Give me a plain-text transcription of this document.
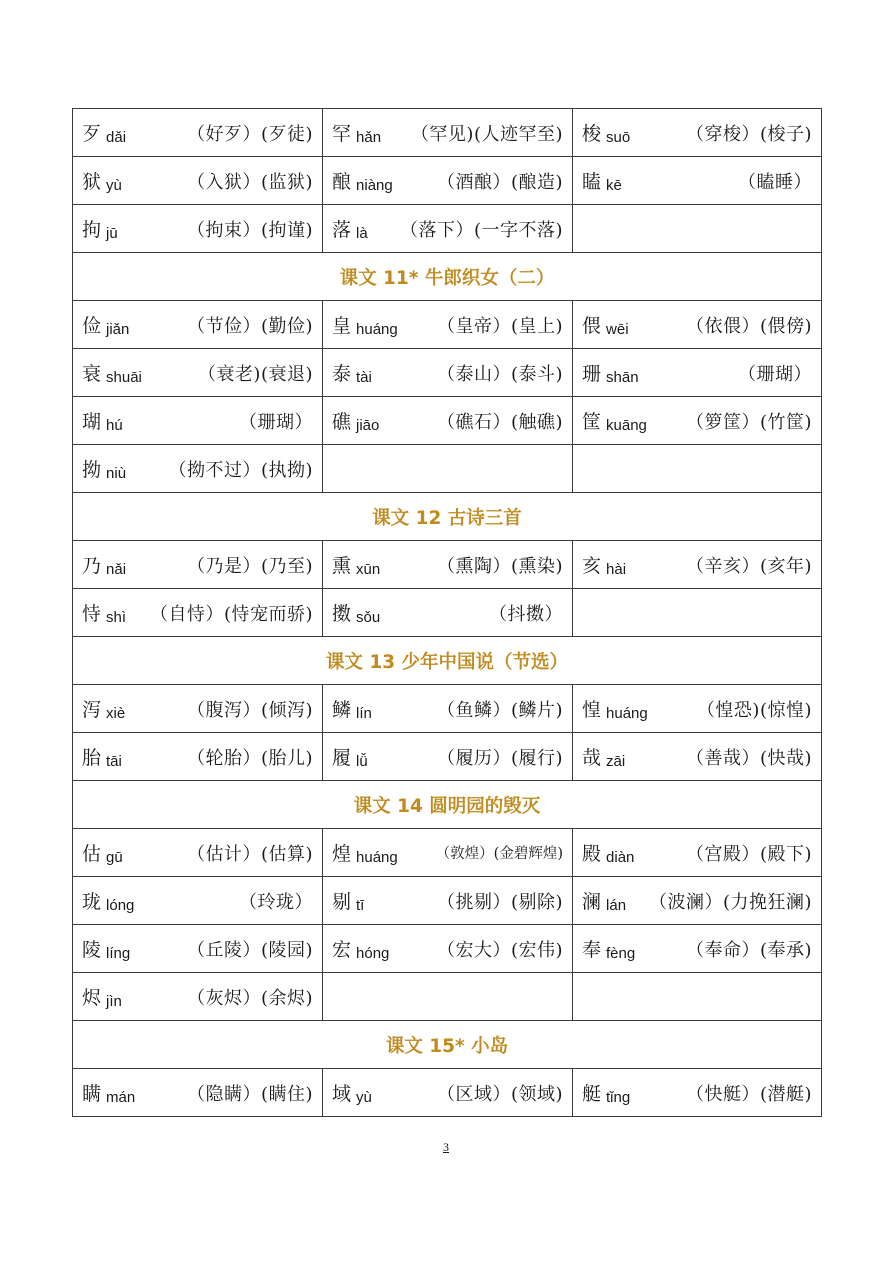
歹 dǎi （好歹）(歹徒)	罕 hǎn （罕见)(人迹罕至)	梭 suō （穿梭）(梭子)

狱 yù （入狱）(监狱)	酿 niàng （酒酿）(酿造)	瞌 kē （瞌睡）

拘 jū （拘束）(拘谨)	落 là （落下）(一字不落)	

课文 11* 牛郎织女（二）		

俭 jiǎn （节俭）(勤俭)	皇 huáng （皇帝）(皇上)	偎 wēi （依偎）(偎傍)

衰 shuāi （衰老)(衰退)	泰 tài （泰山）(泰斗)	珊 shān （珊瑚）

瑚 hú （珊瑚）	礁 jiāo （礁石）(触礁)	筐 kuāng （箩筐）(竹筐)

拗 niù （拗不过）(执拗)		

课文 12 古诗三首		

乃 nǎi （乃是）(乃至)	熏 xūn （熏陶）(熏染)	亥 hài （辛亥）(亥年)

恃 shì （自恃）(恃宠而骄)	擞 sǒu （抖擞）	

课文 13 少年中国说（节选）		

泻 xiè （腹泻）(倾泻)	鳞 lín （鱼鳞）(鳞片)	惶 huáng （惶恐)(惊惶)

胎 tāi （轮胎）(胎儿)	履 lǚ （履历）(履行)	哉 zāi （善哉）(快哉)

课文 14 圆明园的毁灭		

估 gū （估计）(估算)	煌 huáng （敦煌）(金碧辉煌)	殿 diàn （宫殿）(殿下)

珑 lóng （玲珑）	剔 tī （挑剔）(剔除)	澜 lán （波澜）(力挽狂澜)

陵 líng （丘陵）(陵园)	宏 hóng （宏大）(宏伟)	奉 fèng （奉命）(奉承)

烬 jìn （灰烬）(余烬)		

课文 15* 小岛		

瞒 mán （隐瞒）(瞒住)	域 yù （区域）(领域)	艇 tǐng （快艇）(潜艇)
3
